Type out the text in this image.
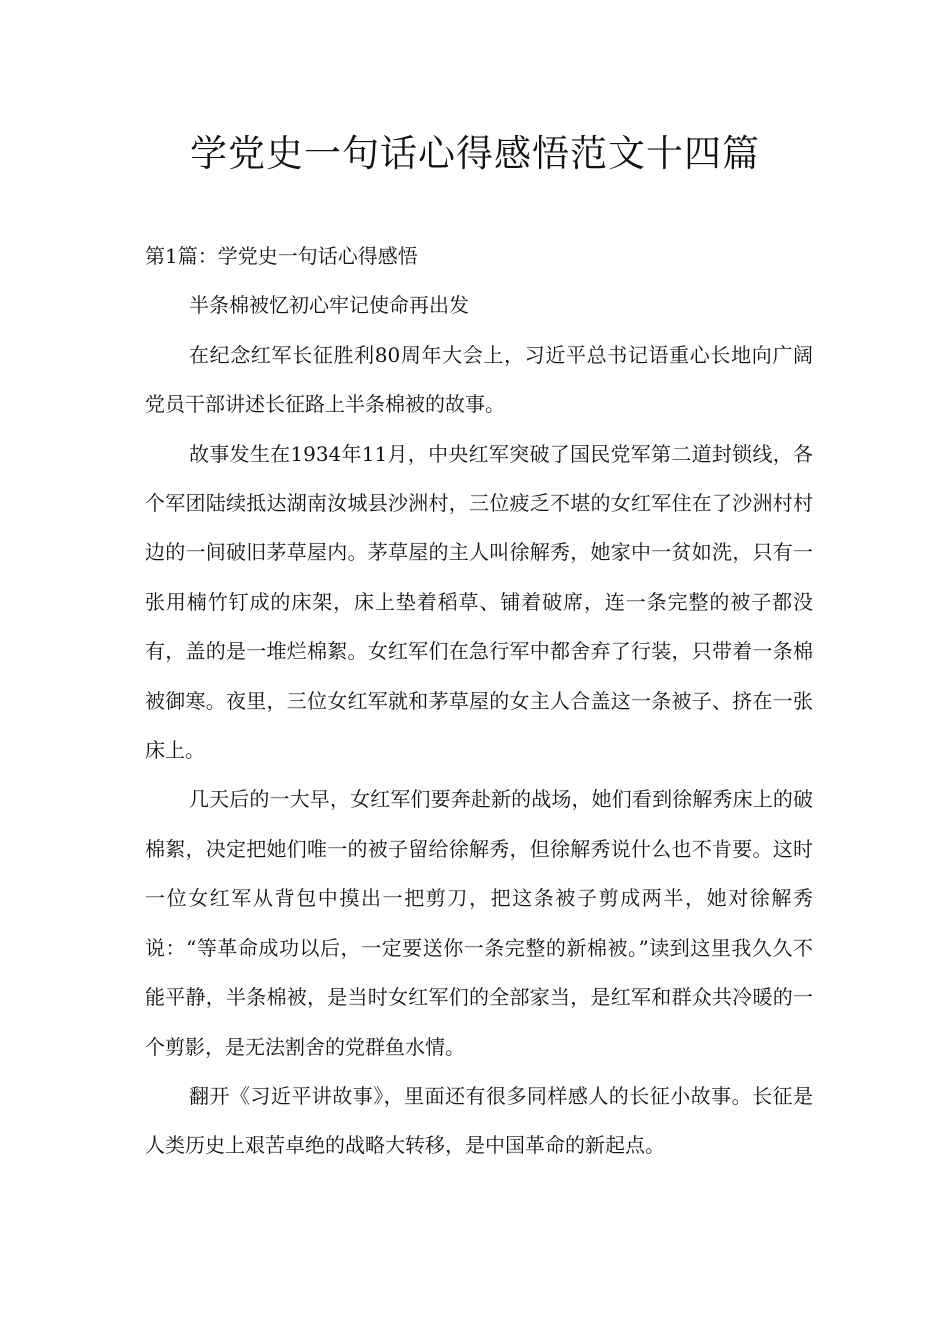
学党史一句话心得感悟范文十四篇

第1篇：学党史一句话心得感悟

半条棉被忆初心牢记使命再出发

在纪念红军长征胜利80周年大会上，习近平总书记语重心长地向广阔党员干部讲述长征路上半条棉被的故事。

故事发生在1934年11月，中央红军突破了国民党军第二道封锁线，各个军团陆续抵达湖南汝城县沙洲村，三位疲乏不堪的女红军住在了沙洲村村边的一间破旧茅草屋内。茅草屋的主人叫徐解秀，她家中一贫如洗，只有一张用楠竹钉成的床架，床上垫着稻草、铺着破席，连一条完整的被子都没有，盖的是一堆烂棉絮。女红军们在急行军中都舍弃了行装，只带着一条棉被御寒。夜里，三位女红军就和茅草屋的女主人合盖这一条被子、挤在一张床上。

几天后的一大早，女红军们要奔赴新的战场，她们看到徐解秀床上的破棉絮，决定把她们唯一的被子留给徐解秀，但徐解秀说什么也不肯要。这时一位女红军从背包中摸出一把剪刀，把这条被子剪成两半，她对徐解秀说：“等革命成功以后，一定要送你一条完整的新棉被。”读到这里我久久不能平静，半条棉被，是当时女红军们的全部家当，是红军和群众共冷暖的一个剪影，是无法割舍的党群鱼水情。

翻开《习近平讲故事》，里面还有很多同样感人的长征小故事。长征是人类历史上艰苦卓绝的战略大转移，是中国革命的新起点。
